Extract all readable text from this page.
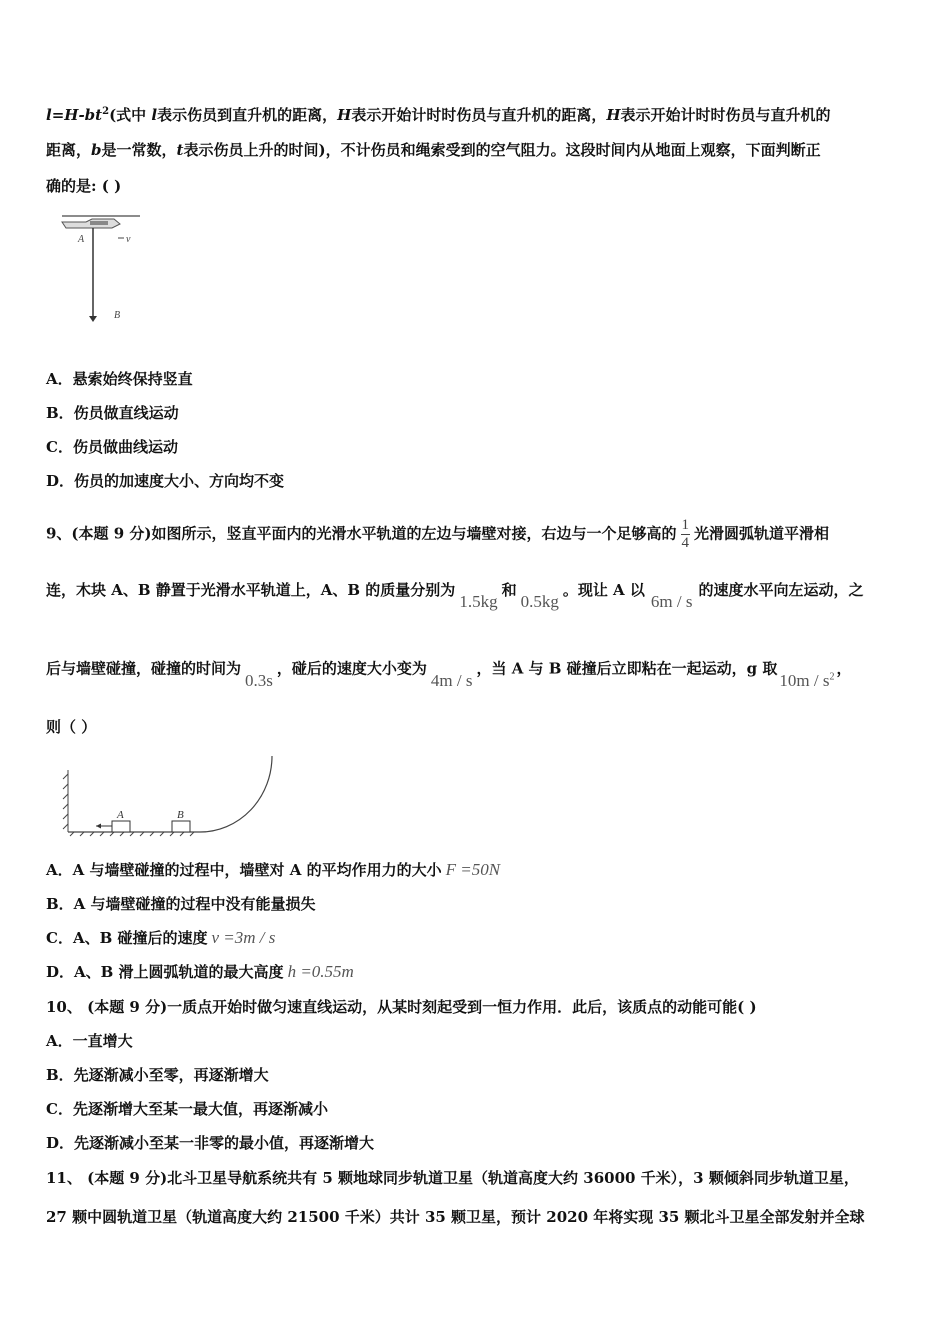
$l=H-bt^2$(式中 l表示伤员到直升机的距离，H表示开始计时时伤员与直升机的距离，H表示开始计时时伤员与直升机的
距离，b是一常数，t表示伤员上升的时间)，不计伤员和绳索受到的空气阻力。这段时间内从地面上观察，下面判断正
确的是: ( )
A	v
B
A．悬索始终保持竖直
B．伤员做直线运动
C．伤员做曲线运动
D．伤员的加速度大小、方向均不变
9、(本题 9 分)如图所示，竖直平面内的光滑水平轨道的左边与墙壁对接，右边与一个足够高的 $\frac{1}{4}$ 光滑圆弧轨道平滑相
连，木块 A、B 静置于光滑水平轨道上，A、B 的质量分别为1.5kg和0.5kg。现让 A 以6m / s的速度水平向左运动，之
后与墙壁碰撞，碰撞的时间为0.3s，碰后的速度大小变为4m / s，当 A 与 B 碰撞后立即粘在一起运动，g 取$10m / s^2$ ，
则（ ）
A	B
A．A 与墙壁碰撞的过程中，墙壁对 A 的平均作用力的大小 F =50N
B．A 与墙壁碰撞的过程中没有能量损失
C．A、B 碰撞后的速度 v =3m / s
D．A、B 滑上圆弧轨道的最大高度 h =0.55m
10、 (本题 9 分)一质点开始时做匀速直线运动，从某时刻起受到一恒力作用．此后，该质点的动能可能( )
A．一直增大
B．先逐渐减小至零，再逐渐增大
C．先逐渐增大至某一最大值，再逐渐减小
D．先逐渐减小至某一非零的最小值，再逐渐增大
11、 (本题 9 分)北斗卫星导航系统共有 5 颗地球同步轨道卫星（轨道高度大约 36000 千米），3 颗倾斜同步轨道卫星，
27 颗中圆轨道卫星（轨道高度大约 21500 千米）共计 35 颗卫星，预计 2020 年将实现 35 颗北斗卫星全部发射并全球
